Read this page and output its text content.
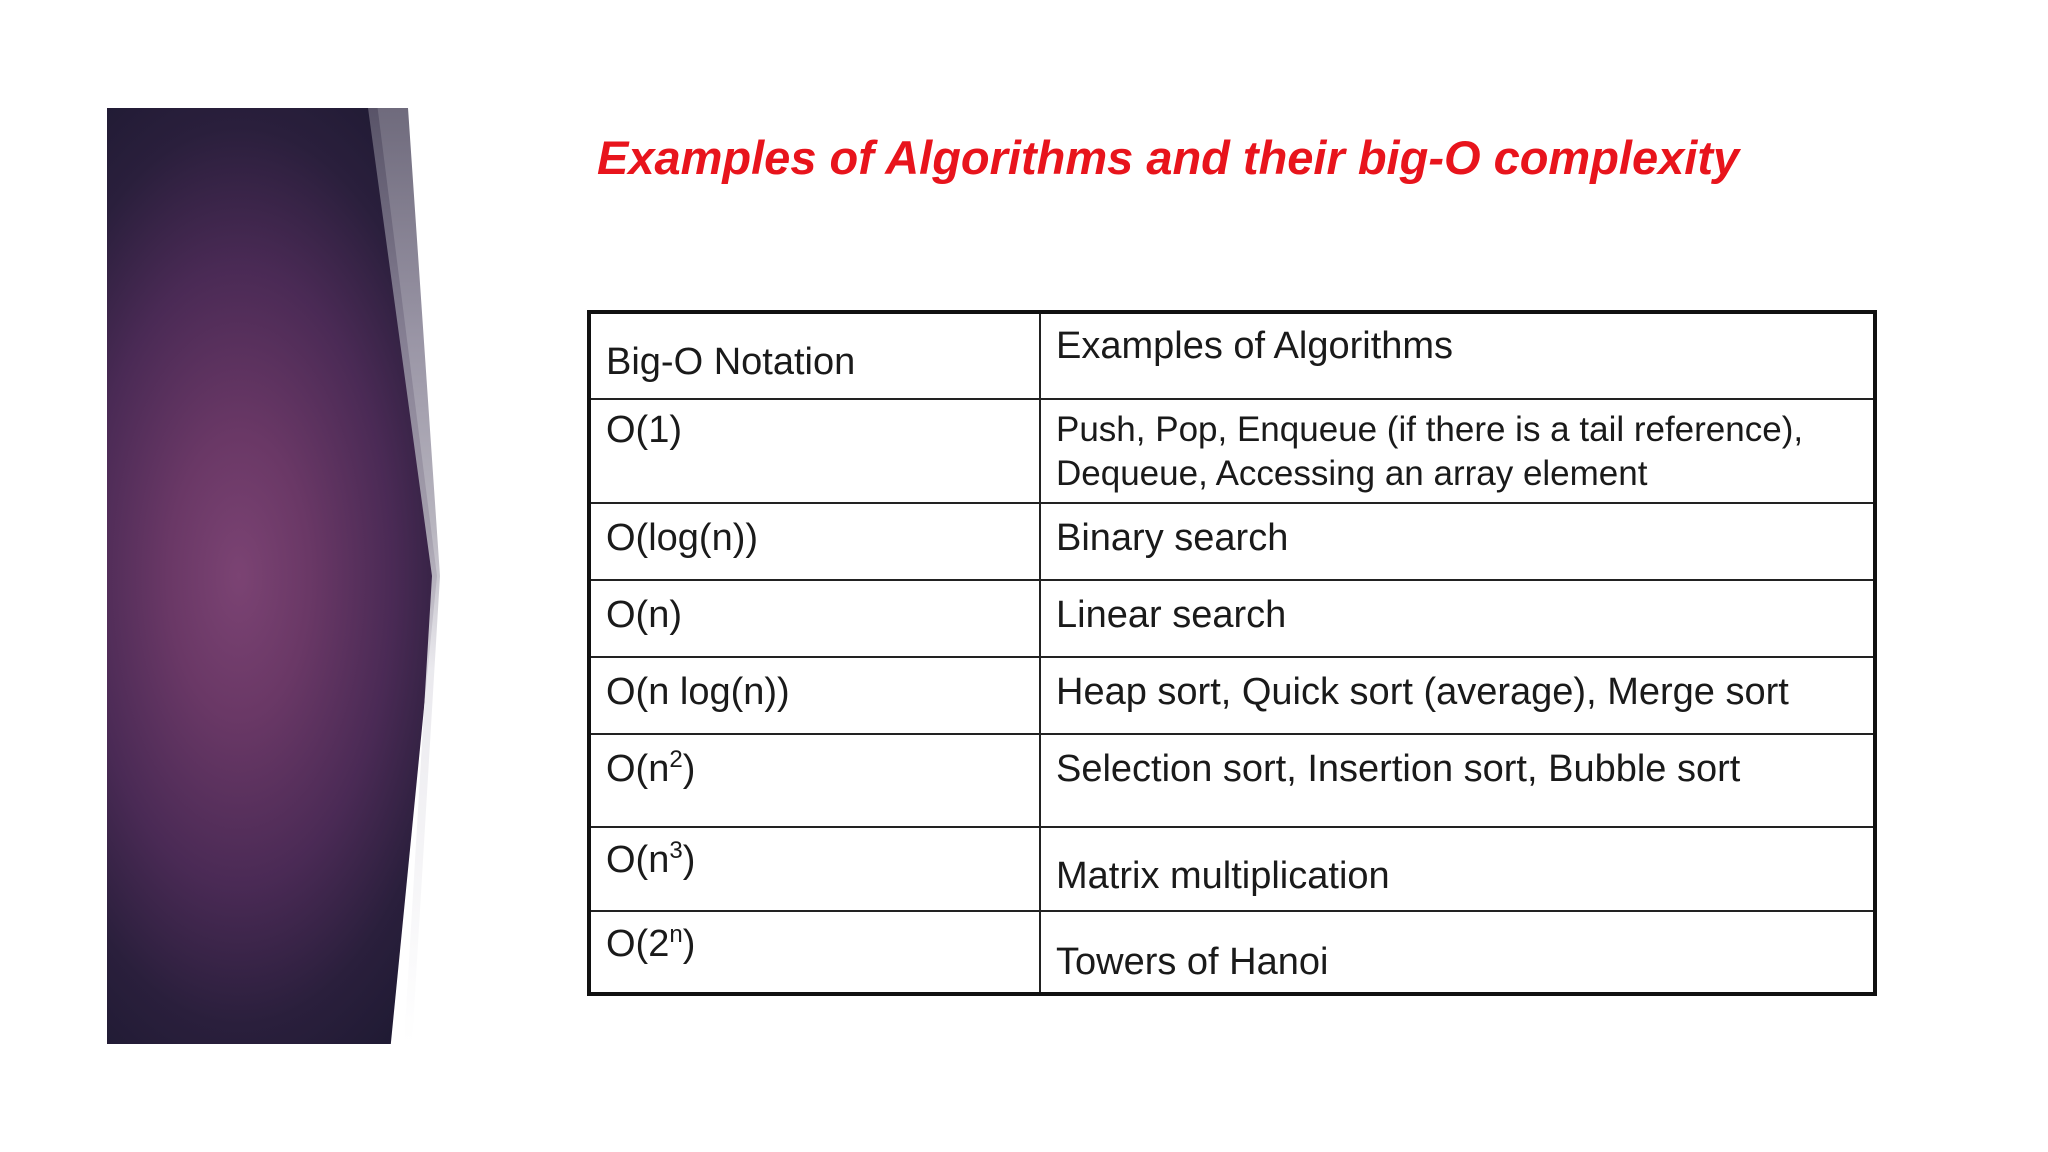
Examples of Algorithms and their big-O complexity
Big-O Notation	Examples of Algorithms
O(1)	Push, Pop, Enqueue (if there is a tail reference),
Dequeue, Accessing an array element
O(log(n))	Binary search
O(n)	Linear search
O(n log(n))	Heap sort, Quick sort (average), Merge sort
$O(n^2)$	Selection sort, Insertion sort, Bubble sort
$O(n^3)$	Matrix multiplication
O(2$^n$)	Towers of Hanoi
